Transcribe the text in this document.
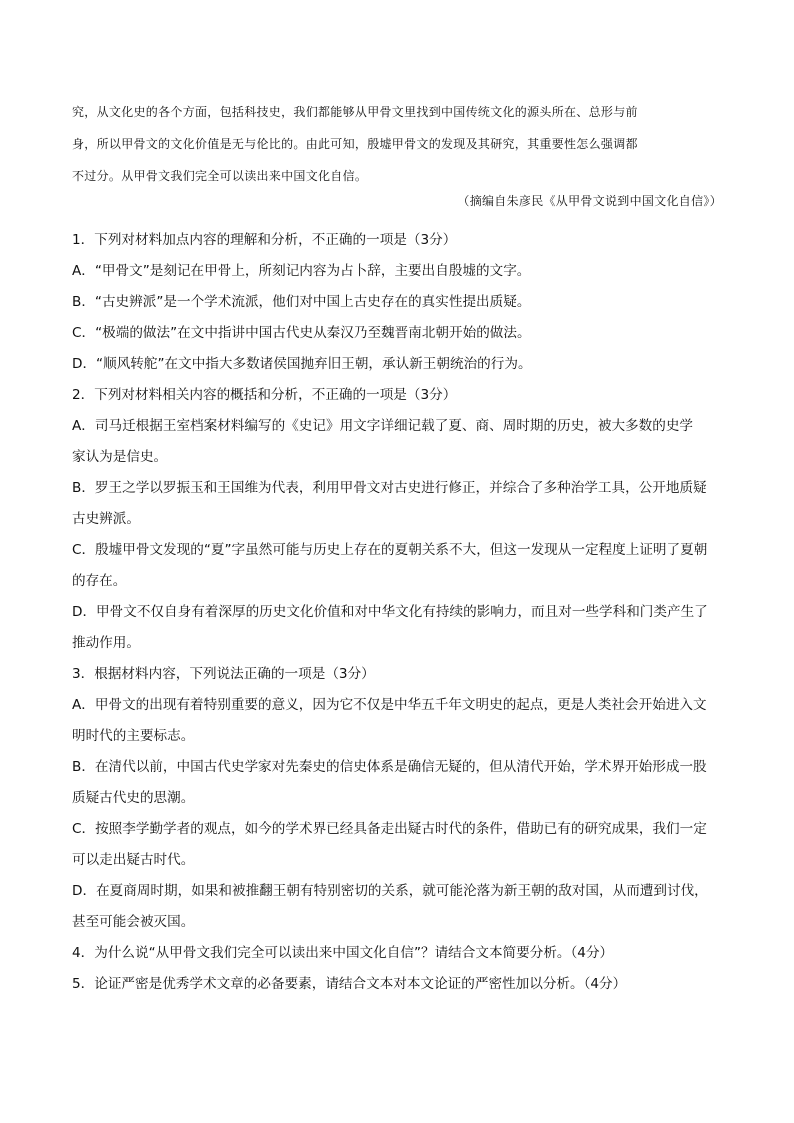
究，从文化史的各个方面，包括科技史，我们都能够从甲骨文里找到中国传统文化的源头所在、总形与前
身，所以甲骨文的文化价值是无与伦比的。由此可知，殷墟甲骨文的发现及其研究，其重要性怎么强调都
不过分。从甲骨文我们完全可以读出来中国文化自信。
（摘编自朱彦民《从甲骨文说到中国文化自信》）
1．下列对材料加点内容的理解和分析，不正确的一项是（3分）
A．“甲骨文”是刻记在甲骨上，所刻记内容为占卜辞，主要出自殷墟的文字。
B．“古史辨派”是一个学术流派，他们对中国上古史存在的真实性提出质疑。
C．“极端的做法”在文中指讲中国古代史从秦汉乃至魏晋南北朝开始的做法。
D．“顺风转舵”在文中指大多数诸侯国抛弃旧王朝，承认新王朝统治的行为。
2．下列对材料相关内容的概括和分析，不正确的一项是（3分）
A．司马迁根据王室档案材料编写的《史记》用文字详细记载了夏、商、周时期的历史，被大多数的史学
家认为是信史。
B．罗王之学以罗振玉和王国维为代表，利用甲骨文对古史进行修正，并综合了多种治学工具，公开地质疑
古史辨派。
C．殷墟甲骨文发现的“夏”字虽然可能与历史上存在的夏朝关系不大，但这一发现从一定程度上证明了夏朝
的存在。
D．甲骨文不仅自身有着深厚的历史文化价值和对中华文化有持续的影响力，而且对一些学科和门类产生了
推动作用。
3．根据材料内容，下列说法正确的一项是（3分）
A．甲骨文的出现有着特别重要的意义，因为它不仅是中华五千年文明史的起点，更是人类社会开始进入文
明时代的主要标志。
B．在清代以前，中国古代史学家对先秦史的信史体系是确信无疑的，但从清代开始，学术界开始形成一股
质疑古代史的思潮。
C．按照李学勤学者的观点，如今的学术界已经具备走出疑古时代的条件，借助已有的研究成果，我们一定
可以走出疑古时代。
D．在夏商周时期，如果和被推翻王朝有特别密切的关系，就可能沦落为新王朝的敌对国，从而遭到讨伐，
甚至可能会被灭国。
4．为什么说“从甲骨文我们完全可以读出来中国文化自信”？请结合文本简要分析。（4分）
5．论证严密是优秀学术文章的必备要素，请结合文本对本文论证的严密性加以分析。（4分）
